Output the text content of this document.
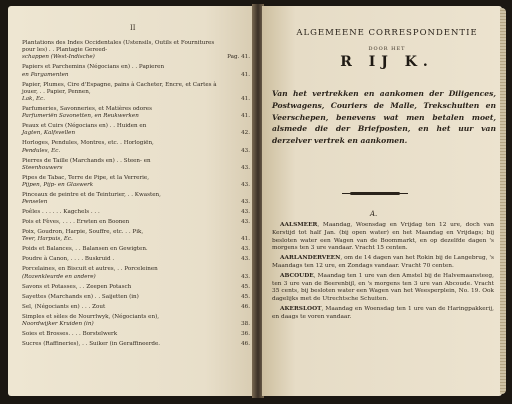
II
Plantations des Indes Occidentales (Ustensils, Outils et Fournitures pour les) . . Plantagie Gereed-
schappen (West-Indische)	Pag. 41.
Papiers et Parchemins (Négocians en) . . Papieren
en Pargamenten	41.
Papier, Plumes, Cire d'Espagne, pains à Cacheter, Encre, et Cartes à jouer, . . Papier, Pennen,
Lak, Ec.	41.
Parfumeries, Savonneries, et Matières odores
Parfumeriën Savonetten, en Reukwerken	41.
Peaux et Cuirs (Négocians en) . . Huiden en
Jagten, Kalfsvellen	42.
Horloges, Pendules, Montres, etc. . Horlogiën,
Pendules, Ec.	43.
Pierres de Taille (Marchands en) . . Steen- en
Steenhouwers	43.
Pipes de Tabac, Terre de Pipe, et la Verrerie,
Pijpen, Pijp- en Glaswerk	43.
Pinceaux de peintre et de Teinturier, . . Kwasten,
Penselen	43.
Poêles . . . . . . Kagchels . . .	43.
Pois et Fèves, . . . . Erwten en Boonen	43.
Poix, Goudron, Harpie, Souffre, etc. . . Pik,
Teer, Harpuis, Ec.	41.
Poids et Balances, . . Balansen en Gewigten.	43.
Poudre à Canon, . . . . Buskruid .	43.
Porcelaines, en Biscuit et autres, . . Porceleinen
(Rozenkleurde en andere)	43.
Savons et Potasses, . . Zeepen Potasch	45.
Sayettes (Marchands en) . . Saijetten (in)	45.
Sel, (Négociants en) . . . Zout	46.
Simples et sèles de Nourrlwyk, (Négociants en),
Noordwijker Kruiden (in)	38.
Soies et Brosses. . . . Borstelwerk	36.
Sucres (Raffineries), . . Suiker (in Geraffineerde.	46.
ALGEMEENE CORRESPONDENTIE
DOOR HET
R IJ K.
Van het vertrekken en aankomen der Diligences, Postwagens, Couriers de Malle, Trekschuiten en Veerschepen, benevens wat men betalen moet, alsmede die der Briefposten, en het uur van derzelver vertrek en aankomen.
A.

AALSMEER, Maandag, Woensdag en Vrijdag ten 12 ure, doch van Kerstijd tot half Jan. (bij open water) en het Maandag en Vrijdags; bij besloten water een Wagen van de Boommarkt, en op dezelfde dagen 's morgens ten 3 ure vandaar. Vracht 15 centen.

AARLANDERVEEN, om de 14 dagen van het Rokin bij de Langebrug, 's Maandags ten 12 ure, en Zondags vandaar. Vracht 70 centen.

ABCOUDE, Maandag ten 1 ure van den Amstel bij de Halvemaansteeg, ten 3 ure van de Beerenbijl, en 's morgens ten 3 ure van Abcoude. Vracht 35 cents, bij besloten water een Wagen van het Weesperplein, No. 19. Ook dagelijks met de Utrechtsche Schuiten.

AKERSLOOT, Maandag en Woensdag ten 1 ure van de Haringpakkerij, en daags te voren vandaar.
